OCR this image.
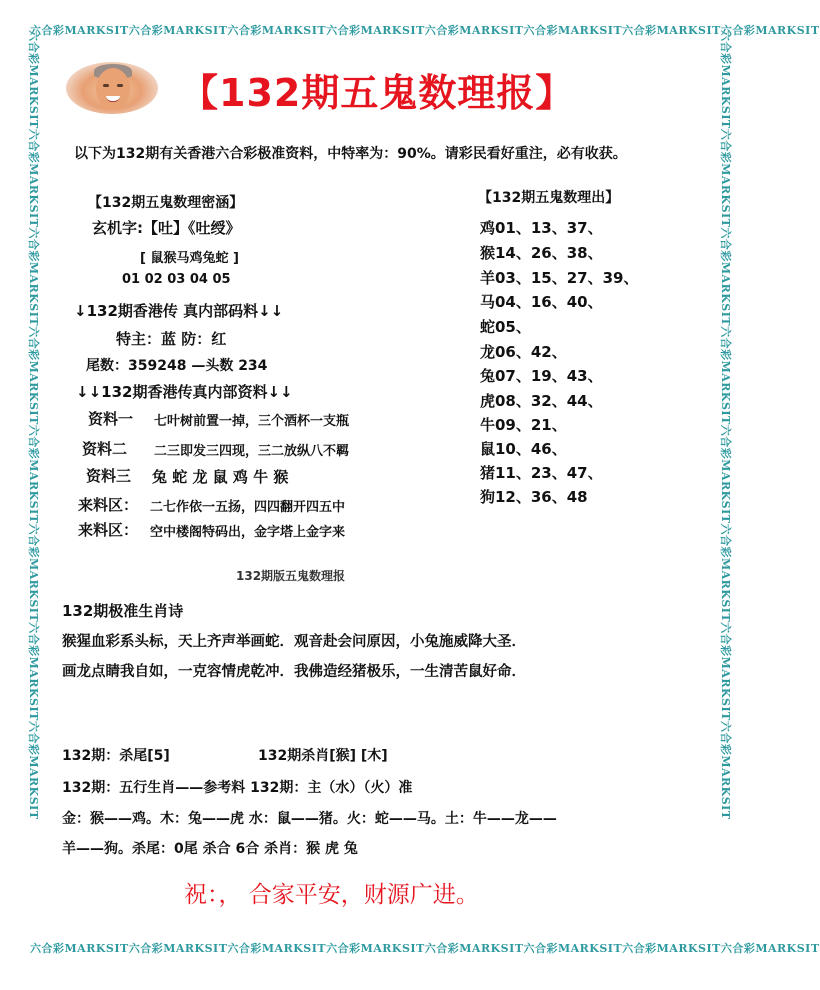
六合彩MARKSIT六合彩MARKSIT六合彩MARKSIT六合彩MARKSIT六合彩MARKSIT六合彩MARKSIT六合彩MARKSIT六合彩MARKSIT
六合彩MARKSIT六合彩MARKSIT六合彩MARKSIT六合彩MARKSIT六合彩MARKSIT六合彩MARKSIT六合彩MARKSIT六合彩MARKSIT
六合彩MARKSIT六合彩MARKSIT六合彩MARKSIT六合彩MARKSIT六合彩MARKSIT六合彩MARKSIT六合彩MARKSIT六合彩MARKSIT	六合彩MARKSIT六合彩MARKSIT六合彩MARKSIT六合彩MARKSIT六合彩MARKSIT六合彩MARKSIT六合彩MARKSIT六合彩MARKSIT
【132期五鬼数理报】
以下为132期有关香港六合彩极准资料，中特率为：90%。请彩民看好重注，必有收获。
【132期五鬼数理密涵】
玄机字:【吐】《吐绶》
[ 鼠猴马鸡兔蛇 ]
01 02 03 04 05
↓132期香港传 真内部码料↓↓
特主：蓝 防：红
尾数：359248 —头数 234
↓↓132期香港传真内部资料↓↓
资料一 七叶树前置一掉，三个酒杯一支瓶
资料二 二三即发三四现，三二放纵八不羁
资料三 兔 蛇 龙 鼠 鸡 牛 猴
来料区： 二七作依一五扬，四四翻开四五中
来料区： 空中楼阁特码出，金字塔上金字来
【132期五鬼数理出】
鸡01、13、37、
猴14、26、38、
羊03、15、27、39、
马04、16、40、
蛇05、
龙06、42、
兔07、19、43、
虎08、32、44、
牛09、21、
鼠10、46、
猪11、23、47、
狗12、36、48
132期版五鬼数理报
132期极准生肖诗
猴猩血彩系头标，天上齐声举画蛇．观音赴会问原因，小兔施威降大圣．
画龙点睛我自如，一克容情虎乾冲．我佛造经猪极乐，一生清苦鼠好命．
132期：杀尾[5]	132期杀肖[猴] [木]
132期：五行生肖——参考料 132期：主（水）（火）准
金：猴——鸡。木：兔——虎 水：鼠——猪。火：蛇——马。土：牛——龙——
羊——狗。杀尾：0尾 杀合 6合 杀肖：猴 虎 兔
祝：， 合家平安，财源广进。
